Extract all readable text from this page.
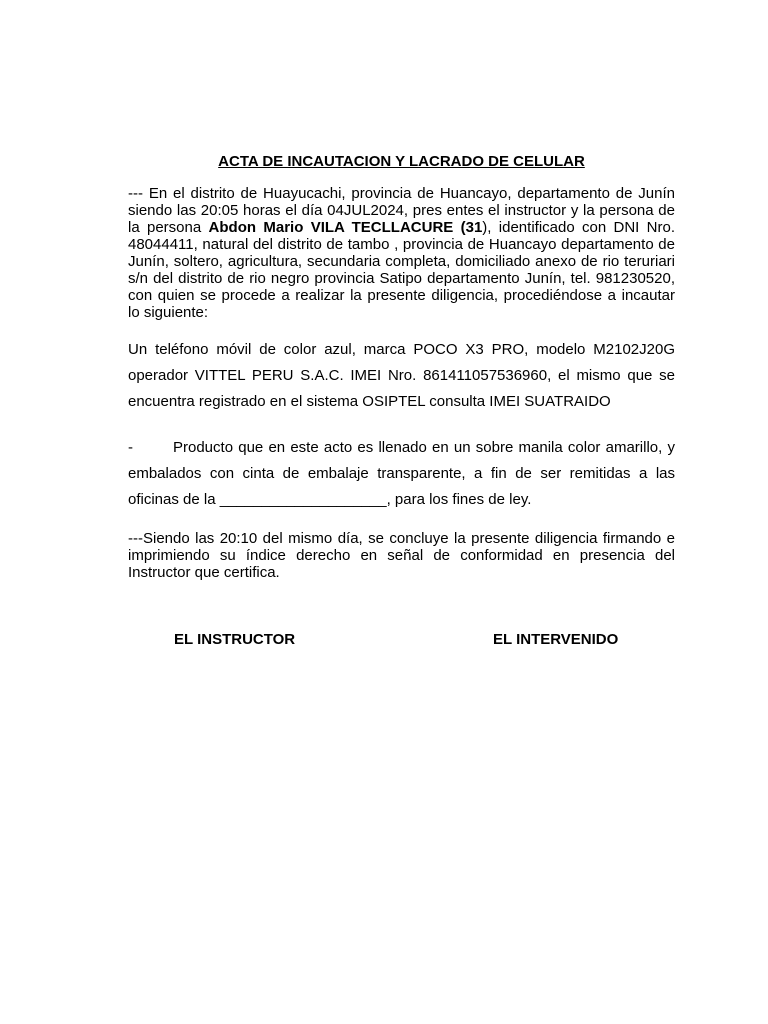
ACTA DE INCAUTACION Y LACRADO DE CELULAR
--- En el distrito de Huayucachi, provincia de Huancayo, departamento de Junín siendo las 20:05 horas el día 04JUL2024, pres entes el instructor y la persona de la persona Abdon Mario VILA TECLLACURE (31), identificado con DNI Nro. 48044411, natural del distrito de tambo , provincia de Huancayo departamento de Junín, soltero, agricultura, secundaria completa, domiciliado anexo de rio teruriari s/n del distrito de rio negro provincia Satipo departamento Junín, tel. 981230520, con quien se procede a realizar la presente diligencia, procediéndose a incautar lo siguiente:
Un teléfono móvil de color azul, marca POCO X3 PRO, modelo M2102J20G operador VITTEL PERU S.A.C. IMEI Nro. 861411057536960, el mismo que se encuentra registrado en el sistema OSIPTEL consulta IMEI SUATRAIDO
-	Producto que en este acto es llenado en un sobre manila color amarillo, y embalados con cinta de embalaje transparente, a fin de ser remitidas a las oficinas de la ____________________, para los fines de ley.
---Siendo las 20:10 del mismo día, se concluye la presente diligencia firmando e imprimiendo su índice derecho en señal de conformidad en presencia del Instructor que certifica.
EL INSTRUCTOR	EL INTERVENIDO
